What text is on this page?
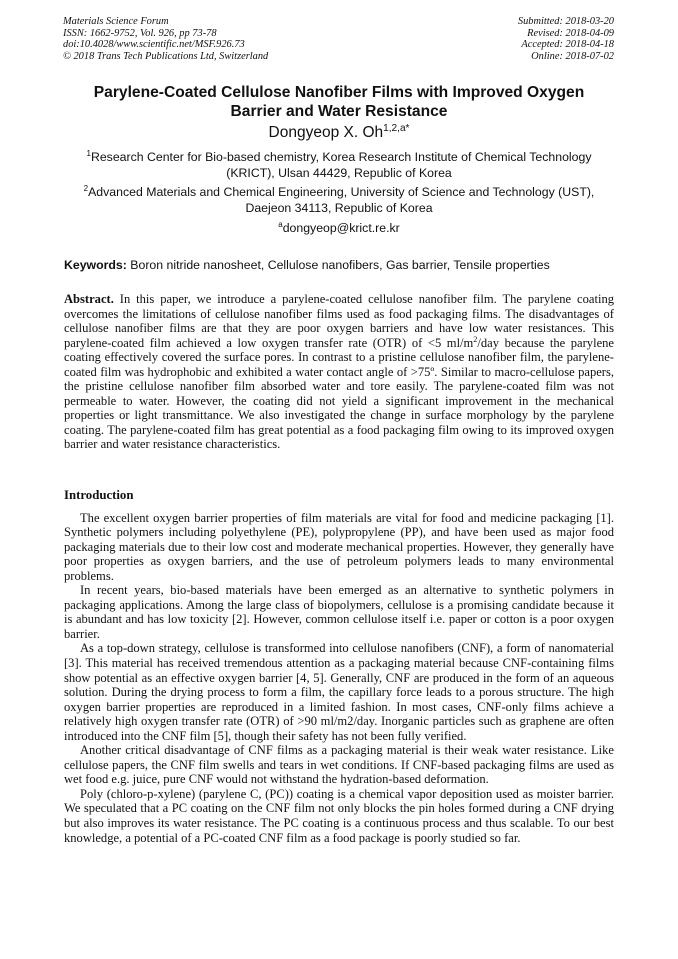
Materials Science Forum
ISSN: 1662-9752, Vol. 926, pp 73-78
doi:10.4028/www.scientific.net/MSF.926.73
© 2018 Trans Tech Publications Ltd, Switzerland
Submitted: 2018-03-20
Revised: 2018-04-09
Accepted: 2018-04-18
Online: 2018-07-02
Parylene-Coated Cellulose Nanofiber Films with Improved Oxygen
Barrier and Water Resistance
Dongyeop X. $Oh^{1,2,a*}$
$^1$Research Center for Bio-based chemistry, Korea Research Institute of Chemical Technology
(KRICT), Ulsan 44429, Republic of Korea
$^2$Advanced Materials and Chemical Engineering, University of Science and Technology (UST),
Daejeon 34113, Republic of Korea
$^a$dongyeop@krict.re.kr
Keywords: Boron nitride nanosheet, Cellulose nanofibers, Gas barrier, Tensile properties

Abstract. In this paper, we introduce a parylene-coated cellulose nanofiber film. The parylene coating overcomes the limitations of cellulose nanofiber films used as food packaging films. The disadvantages of cellulose nanofiber films are that they are poor oxygen barriers and have low water resistances. This parylene-coated film achieved a low oxygen transfer rate (OTR) of <5 $ml/m^2$/day because the parylene coating effectively covered the surface pores. In contrast to a pristine cellulose nanofiber film, the parylene-coated film was hydrophobic and exhibited a water contact angle of >75º. Similar to macro-cellulose papers, the pristine cellulose nanofiber film absorbed water and tore easily. The parylene-coated film was not permeable to water. However, the coating did not yield a significant improvement in the mechanical properties or light transmittance. We also investigated the change in surface morphology by the parylene coating. The parylene-coated film has great potential as a food packaging film owing to its improved oxygen barrier and water resistance characteristics.

Introduction

The excellent oxygen barrier properties of film materials are vital for food and medicine packaging [1]. Synthetic polymers including polyethylene (PE), polypropylene (PP), and have been used as major food packaging materials due to their low cost and moderate mechanical properties. However, they generally have poor properties as oxygen barriers, and the use of petroleum polymers leads to many environmental problems.

In recent years, bio-based materials have been emerged as an alternative to synthetic polymers in packaging applications. Among the large class of biopolymers, cellulose is a promising candidate because it is abundant and has low toxicity [2]. However, common cellulose itself i.e. paper or cotton is a poor oxygen barrier.

As a top-down strategy, cellulose is transformed into cellulose nanofibers (CNF), a form of nanomaterial [3]. This material has received tremendous attention as a packaging material because CNF-containing films show potential as an effective oxygen barrier [4, 5]. Generally, CNF are produced in the form of an aqueous solution. During the drying process to form a film, the capillary force leads to a porous structure. The high oxygen barrier properties are reproduced in a limited fashion. In most cases, CNF-only films achieve a relatively high oxygen transfer rate (OTR) of >90 ml/m2/day. Inorganic particles such as graphene are often introduced into the CNF film [5], though their safety has not been fully verified.

Another critical disadvantage of CNF films as a packaging material is their weak water resistance. Like cellulose papers, the CNF film swells and tears in wet conditions. If CNF-based packaging films are used as wet food e.g. juice, pure CNF would not withstand the hydration-based deformation.

Poly (chloro-p-xylene) (parylene C, (PC)) coating is a chemical vapor deposition used as moister barrier. We speculated that a PC coating on the CNF film not only blocks the pin holes formed during a CNF drying but also improves its water resistance. The PC coating is a continuous process and thus scalable. To our best knowledge, a potential of a PC-coated CNF film as a food package is poorly studied so far.
